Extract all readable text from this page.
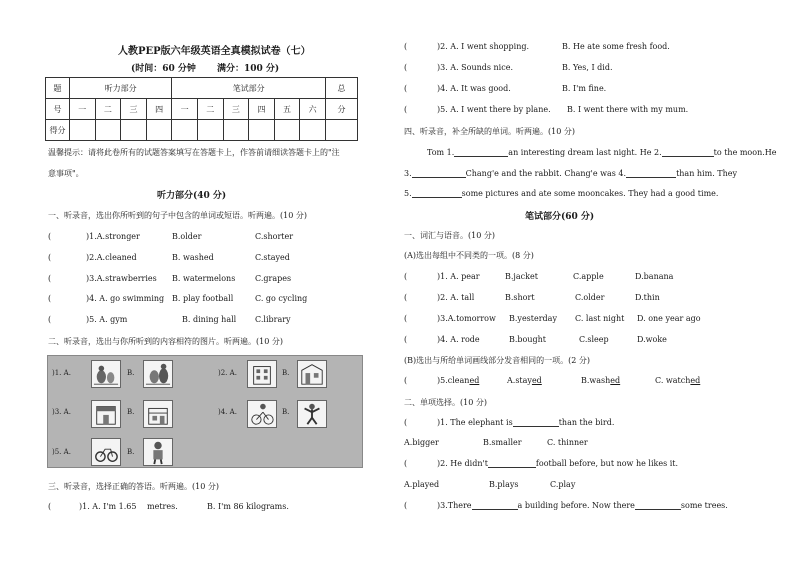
人教PEP版六年级英语全真模拟试卷（七）
(时间：60 分钟 满分：100 分)
题	听力部分				笔试部分						总
号	一	二	三	四	一	二	三	四	五	六	分
得分											
温馨提示：请将此卷所有的试题答案填写在答题卡上，作答前请细读答题卡上的"注
意事项"。
听力部分(40 分)
一、听录音，选出你所听到的句子中包含的单词或短语。听两遍。(10 分)
(	)1.A.stronger	B.older	C.shorter
(	)2.A.cleaned	B. washed	C.stayed
(	)3.A.strawberries B. watermelons C.grapes
(	)4. A. go swimming B. play football	C. go cycling
(	)5. A. gym	B. dining hall C.library
二、听录音，选出与你所听到的内容相符的图片。听两遍。(10 分)
)1. A.	B.	)2. A.	B.
)3. A.	B.	)4. A.	B.
)5. A.	B.
三、听录音，选择正确的答语。听两遍。(10 分)
(	)1. A. I'm 1.65 metres.	B. I'm 86 kilograms.
(	)2. A. I went shopping.	B. He ate some fresh food.
(	)3. A. Sounds nice.	B. Yes, I did.
(	)4. A. It was good.	B. I'm fine.
(	)5. A. I went there by plane. B. I went there with my mum.
四、听录音，补全所缺的单词。听两遍。(10 分)
Tom 1.	an interesting dream last night. He 2.	to the moon.He
3.	Chang'e and the rabbit. Chang'e was 4.	than him. They
5.	some pictures and ate some mooncakes. They had a good time.
笔试部分(60 分)
一、词汇与语音。(10 分)
(A)选出每组中不同类的一项。(8 分)
(	)1. A. pear	B.jacket	C.apple	D.banana
(	)2. A. tall	B.short	C.older	D.thin
(	)3.A.tomorrow B.yesterday C. last night D. one year ago
(	)4. A. rode	B.bought	C.sleep	D.woke
(B)选出与所给单词画线部分发音相同的一项。(2 分)
(	)5.cleaned	A.stayed	B.washed	C. watched
二、单项选择。(10 分)
(	)1. The elephant is	than the bird.
A.bigger	B.smaller	C. thinner
(	)2. He didn't	football before, but now he likes it.
A.played	B.plays	C.play
(	)3.There	a building before. Now there	some trees.
